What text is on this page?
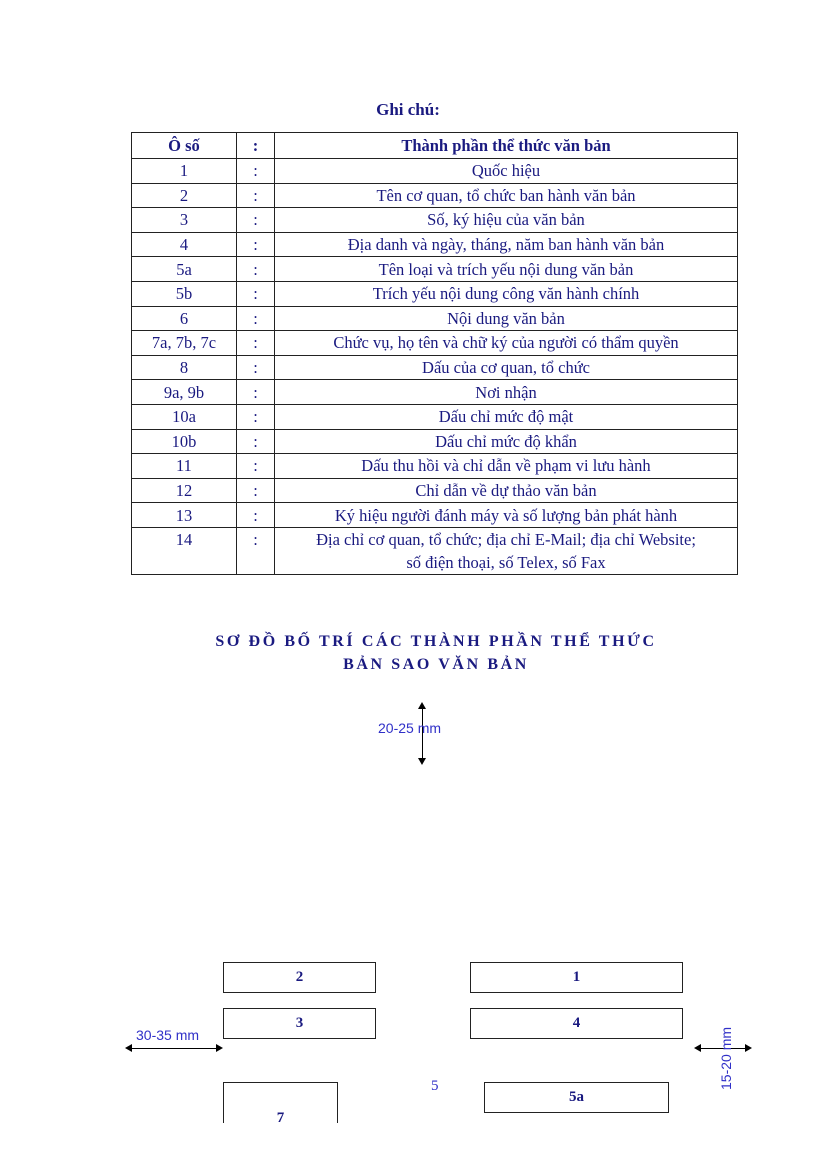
Ghi chú:
Ô số	:	Thành phần thể thức văn bản
1	:	Quốc hiệu
2	:	Tên cơ quan, tổ chức ban hành văn bản
3	:	Số, ký hiệu của văn bản
4	:	Địa danh và ngày, tháng, năm ban hành văn bản
5a	:	Tên loại và trích yếu nội dung văn bản
5b	:	Trích yếu nội dung công văn hành chính
6	:	Nội dung văn bản
7a, 7b, 7c	:	Chức vụ, họ tên và chữ ký của người có thẩm quyền
8	:	Dấu của cơ quan, tổ chức
9a, 9b	:	Nơi nhận
10a	:	Dấu chỉ mức độ mật
10b	:	Dấu chỉ mức độ khẩn
11	:	Dấu thu hồi và chỉ dẫn về phạm vi lưu hành
12	:	Chỉ dẫn về dự thảo văn bản
13	:	Ký hiệu người đánh máy và số lượng bản phát hành
14	:	Địa chỉ cơ quan, tổ chức; địa chỉ E-Mail; địa chỉ Website;
số điện thoại, số Telex, số Fax
SƠ ĐỒ BỐ TRÍ CÁC THÀNH PHẦN THỂ THỨC
BẢN SAO VĂN BẢN
20-25 mm
2	1
3	4
5
5a
7
30-35 mm	15-20 mm
